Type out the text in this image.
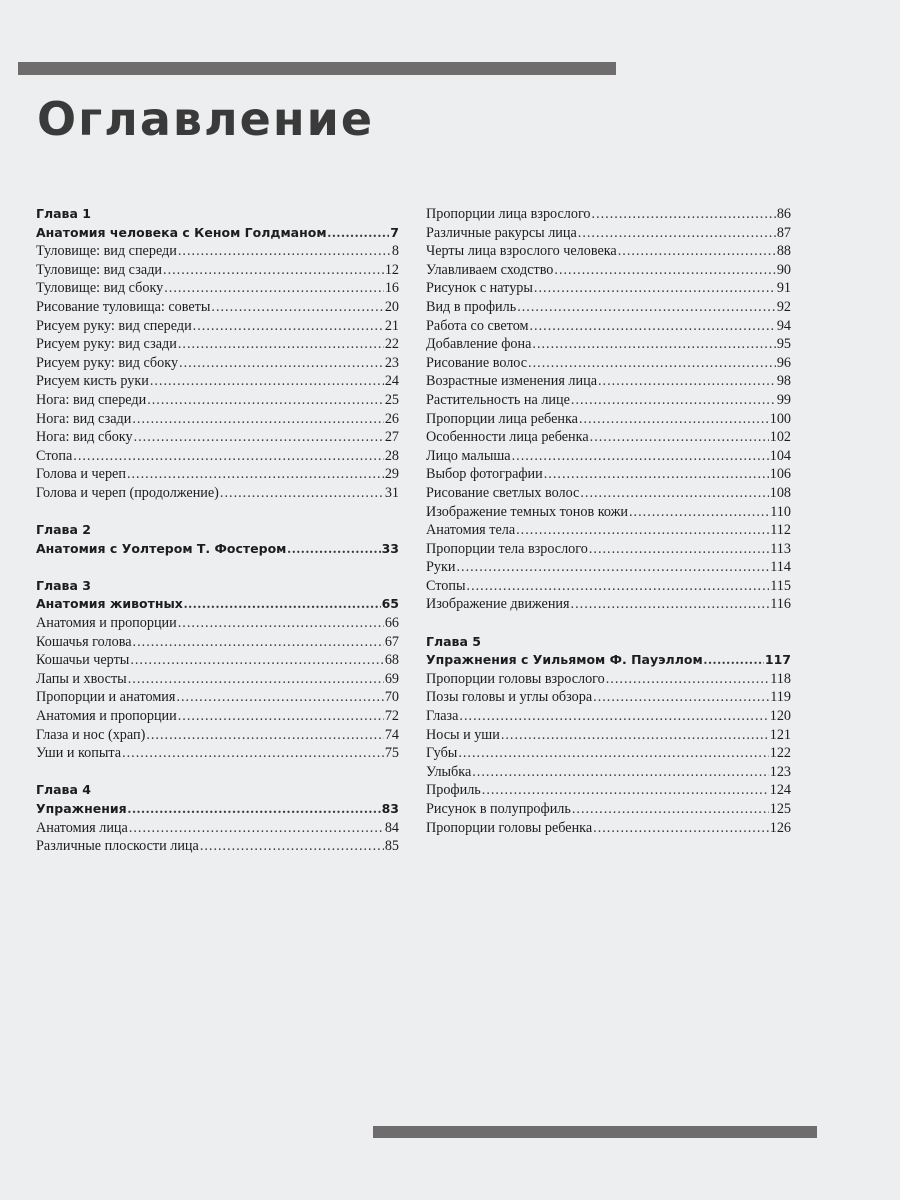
Оглавление
Глава 1
Анатомия человека с Кеном Голдманом .....	7
Туловище: вид спереди .....	8
Туловище: вид сзади .....	12
Туловище: вид сбоку .....	16
Рисование туловища: советы .....	20
Рисуем руку: вид спереди .....	21
Рисуем руку: вид сзади .....	22
Рисуем руку: вид сбоку .....	23
Рисуем кисть руки .....	24
Нога: вид спереди .....	25
Нога: вид сзади .....	26
Нога: вид сбоку .....	27
Стопа .....	28
Голова и череп .....	29
Голова и череп (продолжение) .....	31
Глава 2
Анатомия с Уолтером Т. Фостером .....	33
Глава 3
Анатомия животных .....	65
Анатомия и пропорции .....	66
Кошачья голова .....	67
Кошачьи черты .....	68
Лапы и хвосты .....	69
Пропорции и анатомия .....	70
Анатомия и пропорции .....	72
Глаза и нос (храп) .....	74
Уши и копыта .....	75
Глава 4
Упражнения .....	83
Анатомия лица .....	84
Различные плоскости лица .....	85
Пропорции лица взрослого .....	86
Различные ракурсы лица .....	87
Черты лица взрослого человека .....	88
Улавливаем сходство .....	90
Рисунок с натуры .....	91
Вид в профиль .....	92
Работа со светом .....	94
Добавление фона .....	95
Рисование волос .....	96
Возрастные изменения лица .....	98
Растительность на лице .....	99
Пропорции лица ребенка .....	100
Особенности лица ребенка .....	102
Лицо малыша .....	104
Выбор фотографии .....	106
Рисование светлых волос .....	108
Изображение темных тонов кожи .....	110
Анатомия тела .....	112
Пропорции тела взрослого .....	113
Руки .....	114
Стопы .....	115
Изображение движения .....	116
Глава 5
Упражнения с Уильямом Ф. Пауэллом .....	117
Пропорции головы взрослого .....	118
Позы головы и углы обзора .....	119
Глаза .....	120
Носы и уши .....	121
Губы .....	122
Улыбка .....	123
Профиль .....	124
Рисунок в полупрофиль .....	125
Пропорции головы ребенка .....	126
